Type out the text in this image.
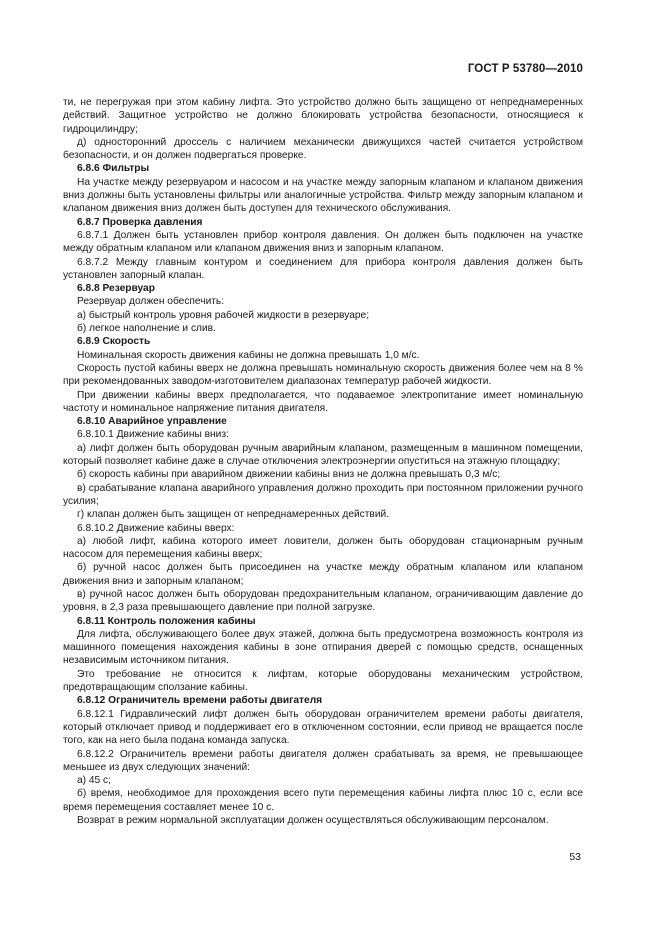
ГОСТ Р 53780—2010

ти, не перегружая при этом кабину лифта. Это устройство должно быть защищено от непреднамеренных действий. Защитное устройство не должно блокировать устройства безопасности, относящиеся к гидроцилиндру;

д) односторонний дроссель с наличием механически движущихся частей считается устройством безопасности, и он должен подвергаться проверке.

6.8.6 Фильтры

На участке между резервуаром и насосом и на участке между запорным клапаном и клапаном движения вниз должны быть установлены фильтры или аналогичные устройства. Фильтр между запорным клапаном и клапаном движения вниз должен быть доступен для технического обслуживания.

6.8.7 Проверка давления

6.8.7.1 Должен быть установлен прибор контроля давления. Он должен быть подключен на участке между обратным клапаном или клапаном движения вниз и запорным клапаном.

6.8.7.2 Между главным контуром и соединением для прибора контроля давления должен быть установлен запорный клапан.

6.8.8 Резервуар

Резервуар должен обеспечить:

а) быстрый контроль уровня рабочей жидкости в резервуаре;

б) легкое наполнение и слив.

6.8.9 Скорость

Номинальная скорость движения кабины не должна превышать 1,0 м/с.

Скорость пустой кабины вверх не должна превышать номинальную скорость движения более чем на 8 % при рекомендованных заводом-изготовителем диапазонах температур рабочей жидкости.

При движении кабины вверх предполагается, что подаваемое электропитание имеет номинальную частоту и номинальное напряжение питания двигателя.

6.8.10 Аварийное управление

6.8.10.1 Движение кабины вниз:

а) лифт должен быть оборудован ручным аварийным клапаном, размещенным в машинном помещении, который позволяет кабине даже в случае отключения электроэнергии опуститься на этажную площадку;

б) скорость кабины при аварийном движении кабины вниз не должна превышать 0,3 м/с;

в) срабатывание клапана аварийного управления должно проходить при постоянном приложении ручного усилия;

г) клапан должен быть защищен от непреднамеренных действий.

6.8.10.2 Движение кабины вверх:

а) любой лифт, кабина которого имеет ловители, должен быть оборудован стационарным ручным насосом для перемещения кабины вверх;

б) ручной насос должен быть присоединен на участке между обратным клапаном или клапаном движения вниз и запорным клапаном;

в) ручной насос должен быть оборудован предохранительным клапаном, ограничивающим давление до уровня, в 2,3 раза превышающего давление при полной загрузке.

6.8.11 Контроль положения кабины

Для лифта, обслуживающего более двух этажей, должна быть предусмотрена возможность контроля из машинного помещения нахождения кабины в зоне отпирания дверей с помощью средств, оснащенных независимым источником питания.

Это требование не относится к лифтам, которые оборудованы механическим устройством, предотвращающим сползание кабины.

6.8.12 Ограничитель времени работы двигателя

6.8.12.1 Гидравлический лифт должен быть оборудован ограничителем времени работы двигателя, который отключает привод и поддерживает его в отключенном состоянии, если привод не вращается после того, как на него была подана команда запуска.

6.8.12.2 Ограничитель времени работы двигателя должен срабатывать за время, не превышающее меньшее из двух следующих значений:

а) 45 с;

б) время, необходимое для прохождения всего пути перемещения кабины лифта плюс 10 с, если все время перемещения составляет менее 10 с.

Возврат в режим нормальной эксплуатации должен осуществляться обслуживающим персоналом.

53
